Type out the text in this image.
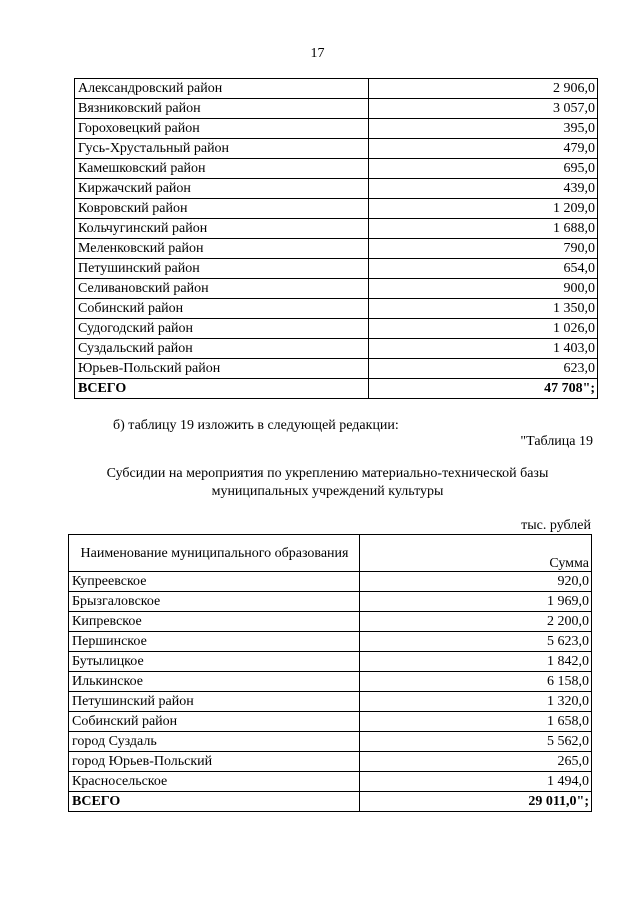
17
Александровский район	2 906,0
Вязниковский район	3 057,0
Гороховецкий район	395,0
Гусь-Хрустальный район	479,0
Камешковский район	695,0
Киржачский район	439,0
Ковровский район	1 209,0
Кольчугинский район	1 688,0
Меленковский район	790,0
Петушинский район	654,0
Селивановский район	900,0
Собинский район	1 350,0
Судогодский район	1 026,0
Суздальский район	1 403,0
Юрьев-Польский район	623,0
ВСЕГО	47 708";
б) таблицу 19 изложить в следующей редакции:
"Таблица 19
Субсидии на мероприятия по укреплению материально-технической базы
муниципальных учреждений культуры
тыс. рублей
Наименование муниципального образования	Сумма
Купреевское	920,0
Брызгаловское	1 969,0
Кипревское	2 200,0
Першинское	5 623,0
Бутылицкое	1 842,0
Илькинское	6 158,0
Петушинский район	1 320,0
Собинский район	1 658,0
город Суздаль	5 562,0
город Юрьев-Польский	265,0
Красносельское	1 494,0
ВСЕГО	29 011,0";
